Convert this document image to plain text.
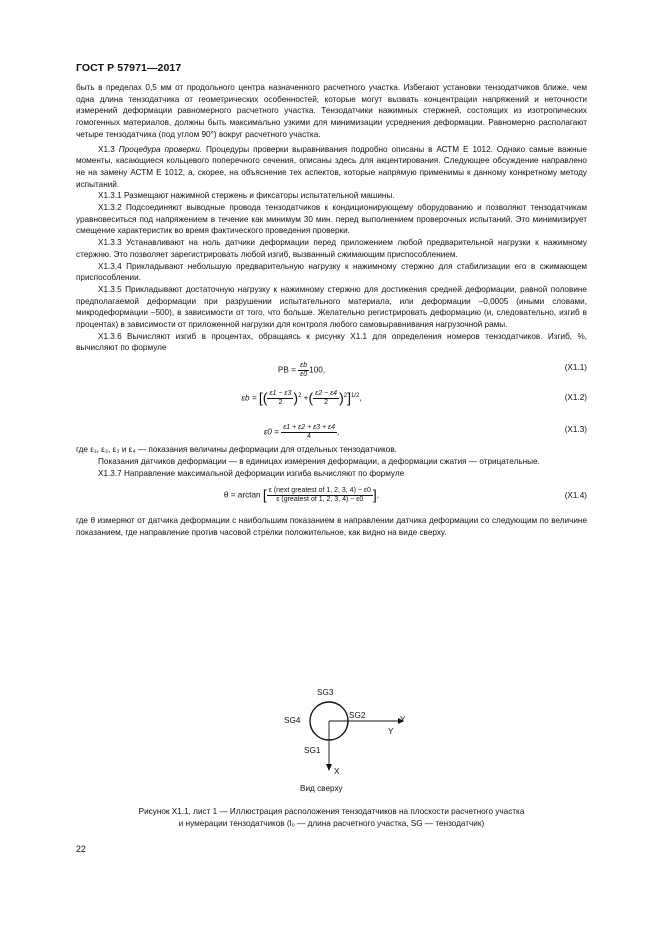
ГОСТ Р 57971—2017

быть в пределах 0,5 мм от продольного центра назначенного расчетного участка. Избегают установки тензодатчиков ближе, чем одна длина тензодатчика от геометрических особенностей, которые могут вызвать концентрации напряжений и неточности измерений деформации равномерного расчетного участка. Тензодатчики нажимных стержней, состоящих из изотропических гомогенных материалов, должны быть максимально узкими для минимизации усреднения деформации. Равномерно располагают четыре тензодатчика (под углом 90°) вокруг расчетного участка.

X1.3 Процедура проверки. Процедуры проверки выравнивания подробно описаны в АСТМ Е 1012. Однако самые важные моменты, касающиеся кольцевого поперечного сечения, описаны здесь для акцентирования. Следующее обсуждение направлено не на замену АСТМ Е 1012, а, скорее, на объяснение тех аспектов, которые напрямую применимы к данному конкретному методу испытаний.

X1.3.1 Размещают нажимной стержень и фиксаторы испытательной машины.

X1.3.2 Подсоединяют выводные провода тензодатчиков к кондиционирующему оборудованию и позволяют тензодатчикам уравновеситься под напряжением в течение как минимум 30 мин. перед выполнением проверочных испытаний. Это минимизирует смещение характеристик во время фактического проведения проверки.

X1.3.3 Устанавливают на ноль датчики деформации перед приложением любой предварительной нагрузки к нажимному стержню. Это позволяет зарегистрировать любой изгиб, вызванный сжимающим приспособлением.

X1.3.4 Прикладывают небольшую предварительную нагрузку к нажимному стержню для стабилизации его в сжимающем приспособлении.

X1.3.5 Прикладывают достаточную нагрузку к нажимному стержню для достижения средней деформации, равной половине предполагаемой деформации при разрушении испытательного материала, или деформации –0,0005 (иными словами, микродеформации –500), в зависимости от того, что больше. Желательно регистрировать деформацию (и, следовательно, изгиб в процентах) в зависимости от приложенной нагрузки для контроля любого самовыравнивания нагрузочной рамы.

X1.3.6 Вычисляют изгиб в процентах, обращаясь к рисунку X1.1 для определения номеров тензодатчиков. Изгиб, %, вычисляют по формуле

PB = $\frac{\varepsilon b}{\varepsilon 0} 100$,	(X1.1)
εb = [( $\frac{\varepsilon 1 - \varepsilon 3}{2} )^2$ +( $\frac{\varepsilon 2 - \varepsilon 4}{2} )^2]^{1/2}$,	(X1.2)
$\varepsilon 0 = \frac{\varepsilon 1 + \varepsilon 2 + \varepsilon 3 + \varepsilon 4}{4}$ ,	(X1.3)

где ε₁, ε₂, ε₃ и ε₄ — показания величины деформации для отдельных тензодатчиков.

Показания датчиков деформации — в единицах измерения деформации, а деформации сжатия — отрицательные.

X1.3.7 Направление максимальной деформации изгиба вычисляют по формуле

θ = arctan [ $\frac{\text{ε (next greatest of 1, 2, 3, 4) − ε0}}{\text{ε (greatest of 1, 2, 3, 4) − ε0}}$ ],	(X1.4)

где θ измеряют от датчика деформации с наибольшим показанием в направлении датчика деформации со следующим по величине показанием, где направление против часовой стрелки положительное, как видно на виде сверху.

SG3
SG2
SG4
SG1
Y
Y
X
Вид сверху
Рисунок X1.1, лист 1 — Иллюстрация расположения тензодатчиков на плоскости расчетного участка
и нумерации тензодатчиков (l₀ — длина расчетного участка, SG — тензодатчик)
22
